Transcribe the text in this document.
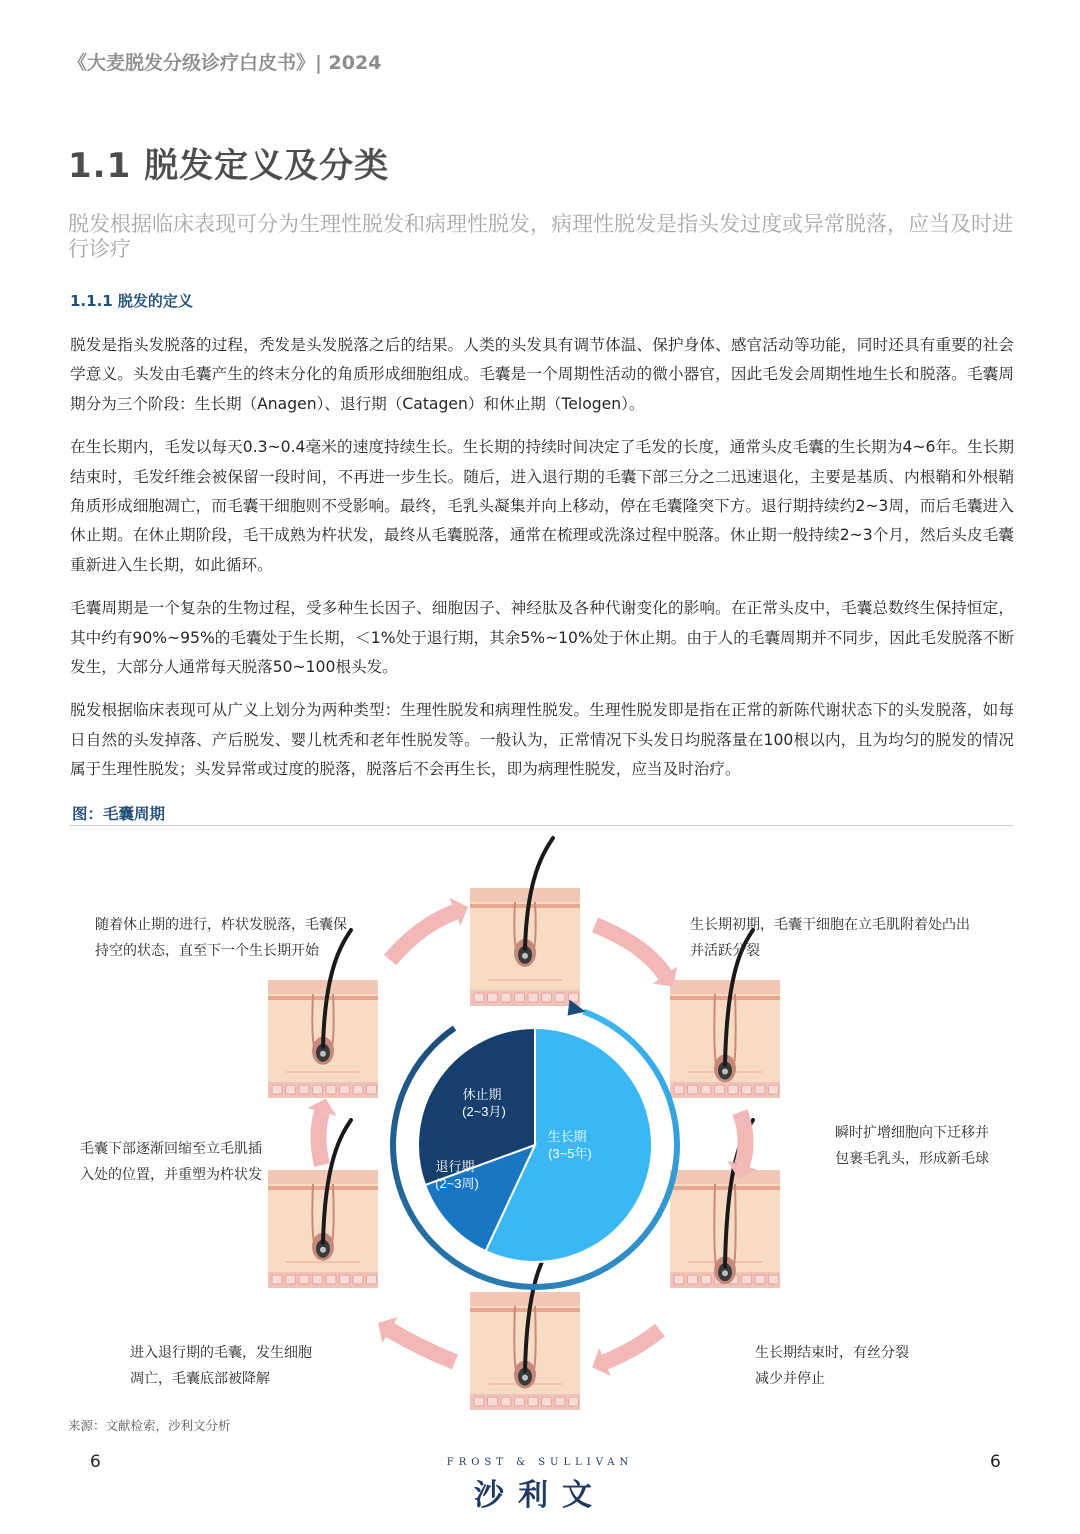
《大麦脱发分级诊疗白皮书》| 2024
1.1 脱发定义及分类
脱发根据临床表现可分为生理性脱发和病理性脱发，病理性脱发是指头发过度或异常脱落，应当及时进行诊疗
1.1.1 脱发的定义

脱发是指头发脱落的过程，秃发是头发脱落之后的结果。人类的头发具有调节体温、保护身体、感官活动等功能，同时还具有重要的社会学意义。头发由毛囊产生的终末分化的角质形成细胞组成。毛囊是一个周期性活动的微小器官，因此毛发会周期性地生长和脱落。毛囊周期分为三个阶段：生长期（Anagen）、退行期（Catagen）和休止期（Telogen）。

在生长期内，毛发以每天0.3~0.4毫米的速度持续生长。生长期的持续时间决定了毛发的长度，通常头皮毛囊的生长期为4~6年。生长期结束时，毛发纤维会被保留一段时间，不再进一步生长。随后，进入退行期的毛囊下部三分之二迅速退化，主要是基质、内根鞘和外根鞘角质形成细胞凋亡，而毛囊干细胞则不受影响。最终，毛乳头凝集并向上移动，停在毛囊隆突下方。退行期持续约2~3周，而后毛囊进入休止期。在休止期阶段，毛干成熟为杵状发，最终从毛囊脱落，通常在梳理或洗涤过程中脱落。休止期一般持续2~3个月，然后头皮毛囊重新进入生长期，如此循环。

毛囊周期是一个复杂的生物过程，受多种生长因子、细胞因子、神经肽及各种代谢变化的影响。在正常头皮中，毛囊总数终生保持恒定，其中约有90%~95%的毛囊处于生长期，＜1%处于退行期，其余5%~10%处于休止期。由于人的毛囊周期并不同步，因此毛发脱落不断发生，大部分人通常每天脱落50~100根头发。

脱发根据临床表现可从广义上划分为两种类型：生理性脱发和病理性脱发。生理性脱发即是指在正常的新陈代谢状态下的头发脱落，如每日自然的头发掉落、产后脱发、婴儿枕秃和老年性脱发等。一般认为，正常情况下头发日均脱落量在100根以内，且为均匀的脱发的情况属于生理性脱发；头发异常或过度的脱落，脱落后不会再生长，即为病理性脱发，应当及时治疗。

图：毛囊周期
生长期
(3~5年)
退行期
(2~3周)
休止期
(2~3月)
生长期初期，毛囊干细胞在立毛肌附着处凸出
并活跃分裂
瞬时扩增细胞向下迁移并
包裹毛乳头，形成新毛球
生长期结束时，有丝分裂
减少并停止
进入退行期的毛囊，发生细胞
凋亡，毛囊底部被降解
毛囊下部逐渐回缩至立毛肌插
入处的位置，并重塑为杵状发
随着休止期的进行，杵状发脱落，毛囊保
持空的状态，直至下一个生长期开始
来源：文献检索，沙利文分析
6	6
FROST & SULLIVAN
沙利文
